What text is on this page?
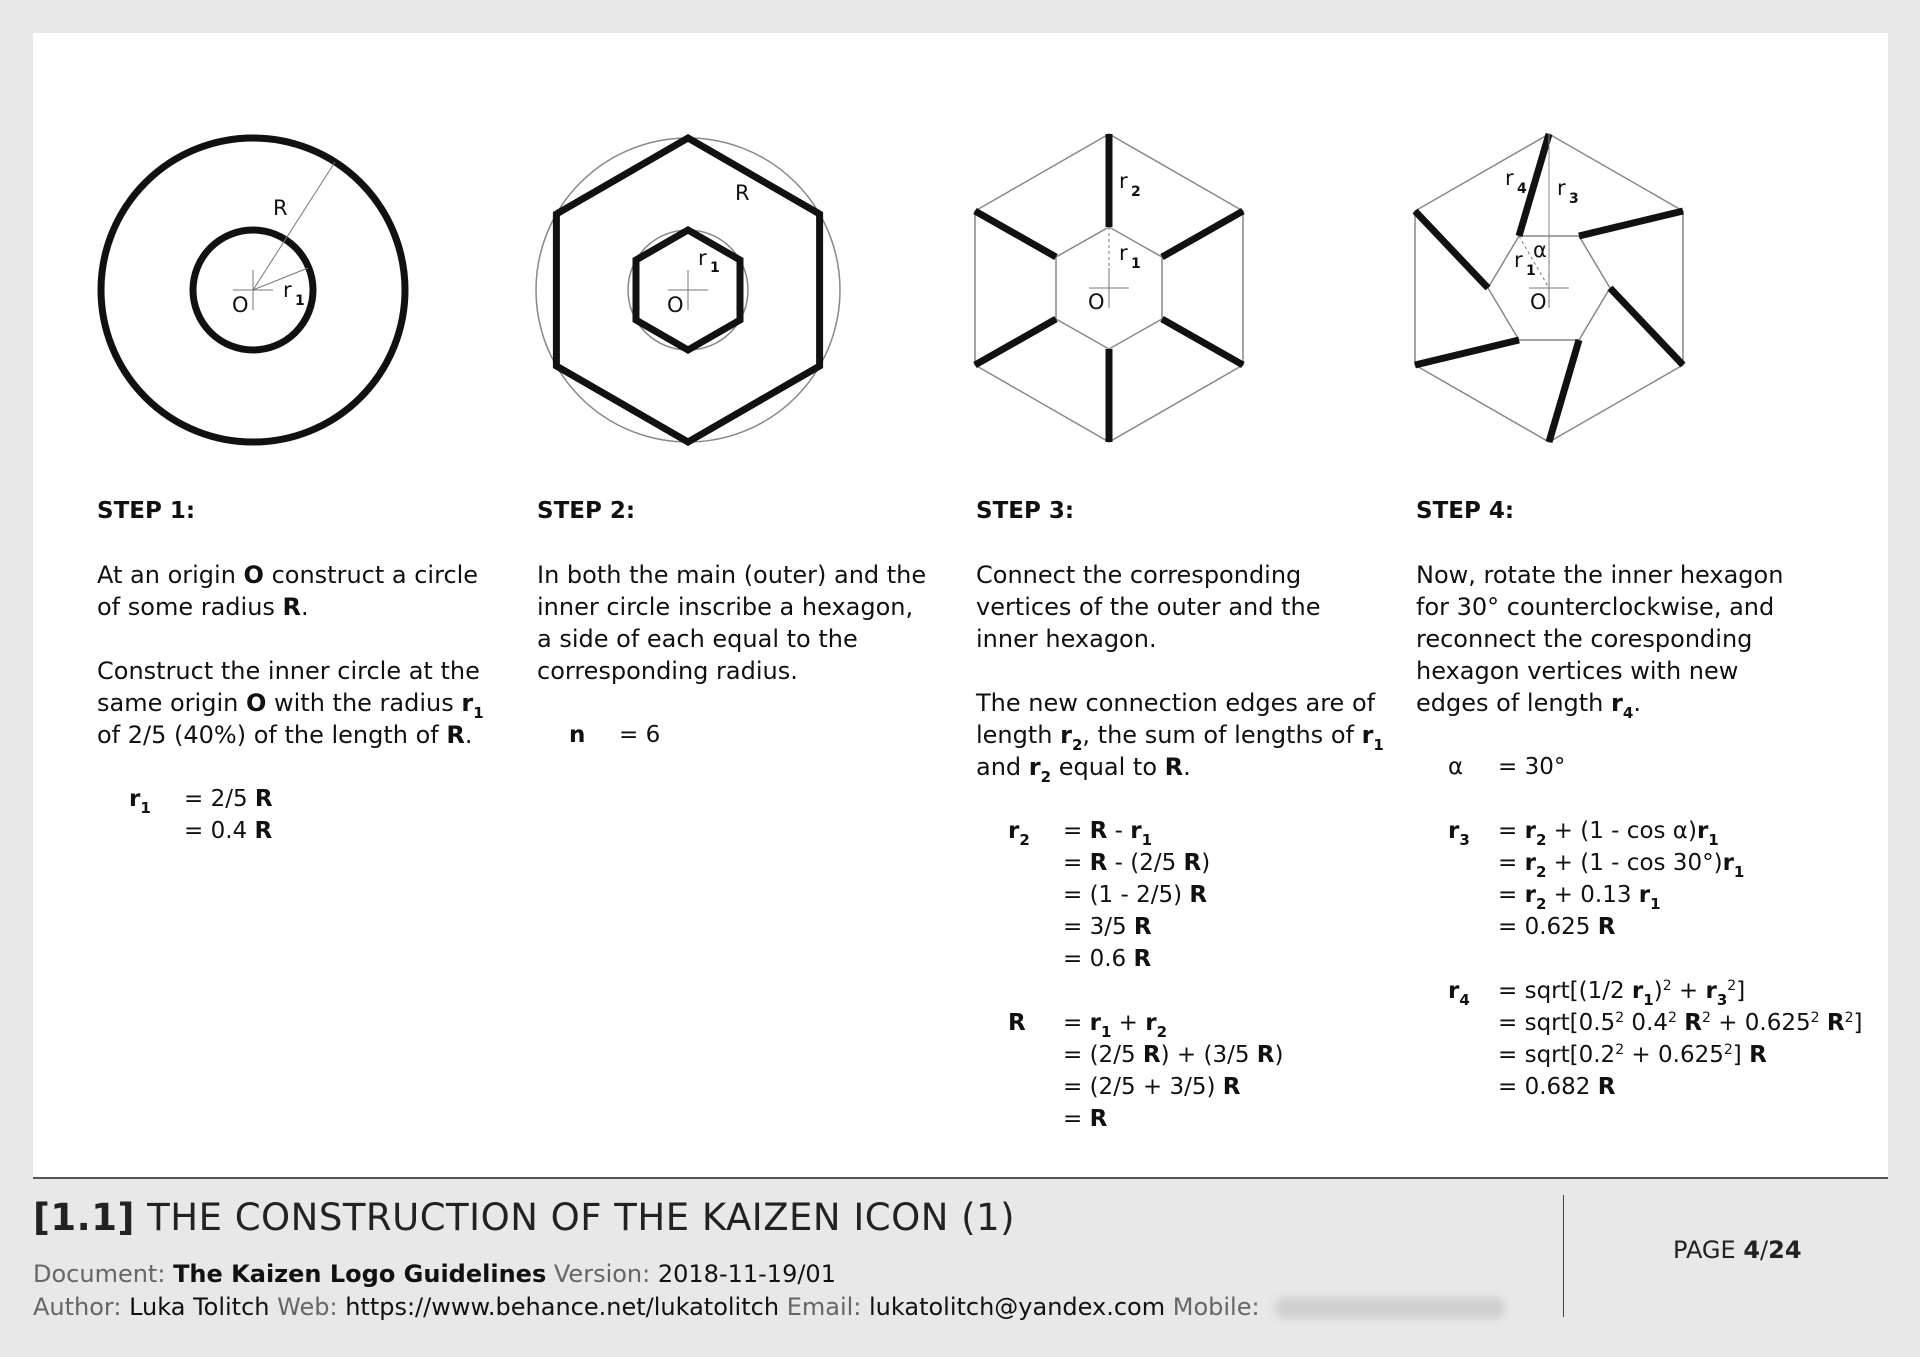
R
O
r 1
R
O
r 1
r 2
r 1
O
r 4 r 3
α
r 1
O
STEP 1:

At an origin O construct a circle of some radius R.

Construct the inner circle at the same origin O with the radius $r_1$ of 2/5 (40%) of the length of R.

$r_1$	= 2/5 R
= 0.4 R
STEP 2:

In both the main (outer) and the inner circle inscribe a hexagon, a side of each equal to the corresponding radius.

n	= 6
STEP 3:

Connect the corresponding vertices of the outer and the inner hexagon.

The new connection edges are of length $r_2$, the sum of lengths of $r_1$ and $r_2$ equal to R.

$r_2$	= R - $r_1$
= R - (2/5 R)
= (1 - 2/5) R
= 3/5 R
= 0.6 R
R	= $r_1 + r_2$
= (2/5 R) + (3/5 R)
= (2/5 + 3/5) R
= R
STEP 4:

Now, rotate the inner hexagon for 30° counterclockwise, and reconnect the coresponding hexagon vertices with new edges of length $r_4$.

α	= 30°
$r_3$	= $r_2 + (1 - \cos \alpha)r_1$
= $r_2 + (1 - \cos 30^\circ)r_1$
= $r_2 + 0.13$ $r_1$
= 0.625 R
$r_4$	= sqrt[(1/2 $r_1)^2 + r_3^2$]
= $sqrt[0.5^2$ $0.4^2$ $R^2 + 0.625^2$ $R^2$]
= $sqrt[0.2^2 + 0.625^2]$ R
= 0.682 R
[1.1] THE CONSTRUCTION OF THE KAIZEN ICON (1)
Document: The Kaizen Logo Guidelines Version: 2018-11-19/01
Author: Luka Tolitch Web: https://www.behance.net/lukatolitch Email: lukatolitch@yandex.com Mobile:
PAGE 4/24
